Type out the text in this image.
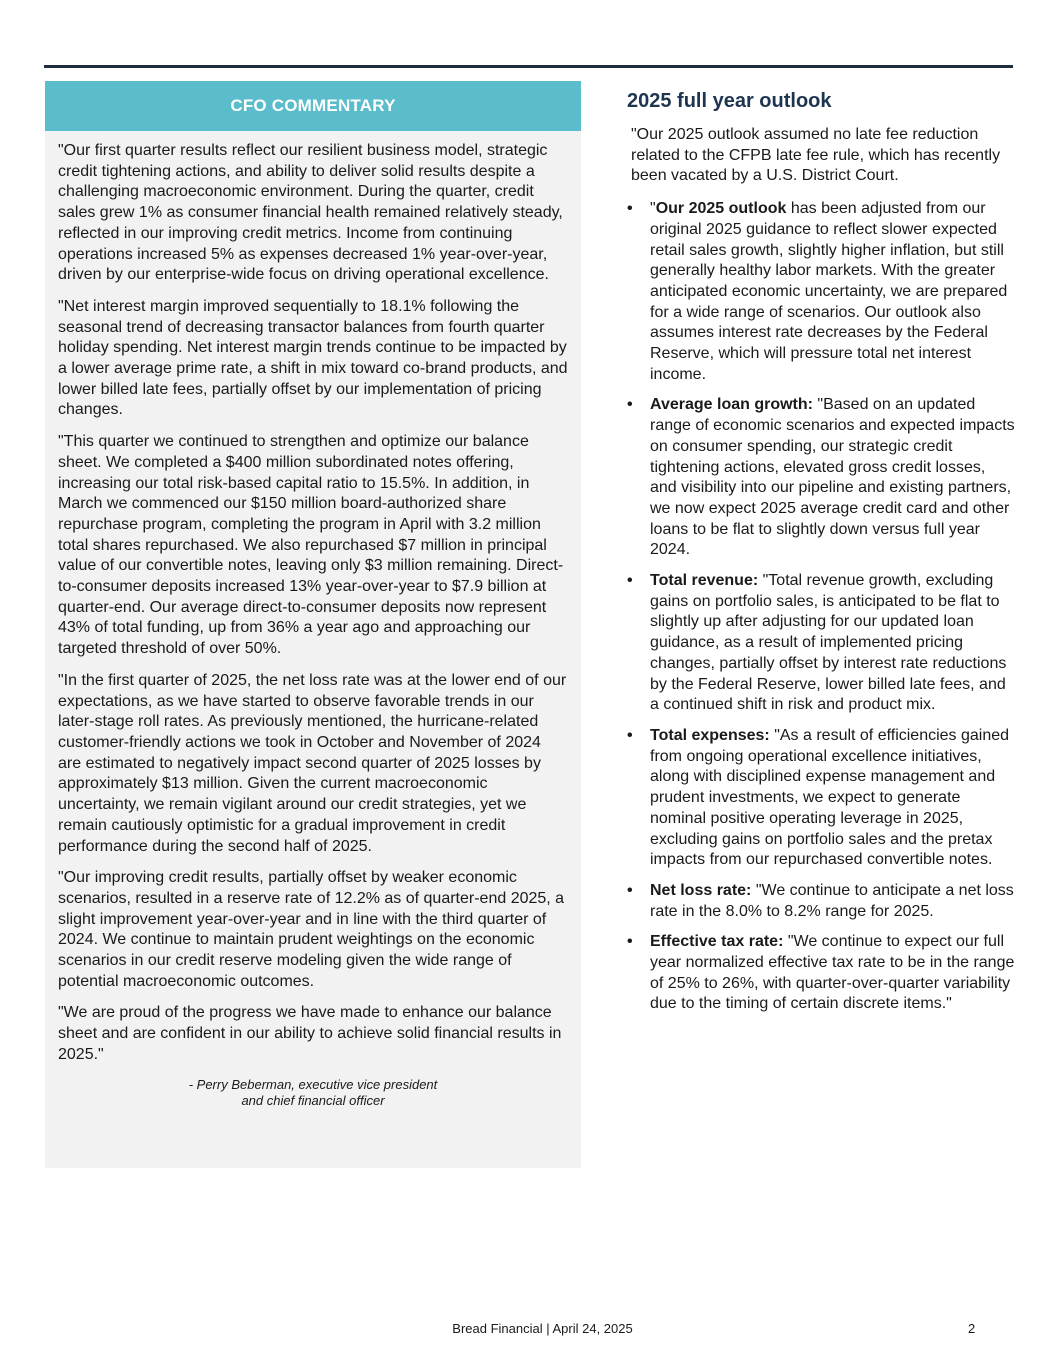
CFO COMMENTARY

"Our first quarter results reflect our resilient business model, strategic credit tightening actions, and ability to deliver solid results despite a challenging macroeconomic environment. During the quarter, credit sales grew 1% as consumer financial health remained relatively steady, reflected in our improving credit metrics. Income from continuing operations increased 5% as expenses decreased 1% year-over-year, driven by our enterprise-wide focus on driving operational excellence.

"Net interest margin improved sequentially to 18.1% following the seasonal trend of decreasing transactor balances from fourth quarter holiday spending. Net interest margin trends continue to be impacted by a lower average prime rate, a shift in mix toward co-brand products, and lower billed late fees, partially offset by our implementation of pricing changes.

"This quarter we continued to strengthen and optimize our balance sheet. We completed a $400 million subordinated notes offering, increasing our total risk-based capital ratio to 15.5%. In addition, in March we commenced our $150 million board-authorized share repurchase program, completing the program in April with 3.2 million total shares repurchased. We also repurchased $7 million in principal value of our convertible notes, leaving only $3 million remaining. Direct-to-consumer deposits increased 13% year-over-year to $7.9 billion at quarter-end. Our average direct-to-consumer deposits now represent 43% of total funding, up from 36% a year ago and approaching our targeted threshold of over 50%.

"In the first quarter of 2025, the net loss rate was at the lower end of our expectations, as we have started to observe favorable trends in our later-stage roll rates. As previously mentioned, the hurricane-related customer-friendly actions we took in October and November of 2024 are estimated to negatively impact second quarter of 2025 losses by approximately $13 million. Given the current macroeconomic uncertainty, we remain vigilant around our credit strategies, yet we remain cautiously optimistic for a gradual improvement in credit performance during the second half of 2025.

"Our improving credit results, partially offset by weaker economic scenarios, resulted in a reserve rate of 12.2% as of quarter-end 2025, a slight improvement year-over-year and in line with the third quarter of 2024. We continue to maintain prudent weightings on the economic scenarios in our credit reserve modeling given the wide range of potential macroeconomic outcomes.

"We are proud of the progress we have made to enhance our balance sheet and are confident in our ability to achieve solid financial results in 2025."

- Perry Beberman, executive vice president
and chief financial officer
2025 full year outlook

"Our 2025 outlook assumed no late fee reduction related to the CFPB late fee rule, which has recently been vacated by a U.S. District Court.

• "Our 2025 outlook has been adjusted from our original 2025 guidance to reflect slower expected retail sales growth, slightly higher inflation, but still generally healthy labor markets. With the greater anticipated economic uncertainty, we are prepared for a wide range of scenarios. Our outlook also assumes interest rate decreases by the Federal Reserve, which will pressure total net interest income.
• Average loan growth: "Based on an updated range of economic scenarios and expected impacts on consumer spending, our strategic credit tightening actions, elevated gross credit losses, and visibility into our pipeline and existing partners, we now expect 2025 average credit card and other loans to be flat to slightly down versus full year 2024.
• Total revenue: "Total revenue growth, excluding gains on portfolio sales, is anticipated to be flat to slightly up after adjusting for our updated loan guidance, as a result of implemented pricing changes, partially offset by interest rate reductions by the Federal Reserve, lower billed late fees, and a continued shift in risk and product mix.
• Total expenses: "As a result of efficiencies gained from ongoing operational excellence initiatives, along with disciplined expense management and prudent investments, we expect to generate nominal positive operating leverage in 2025, excluding gains on portfolio sales and the pretax impacts from our repurchased convertible notes.
• Net loss rate: "We continue to anticipate a net loss rate in the 8.0% to 8.2% range for 2025.
• Effective tax rate: "We continue to expect our full year normalized effective tax rate to be in the range of 25% to 26%, with quarter-over-quarter variability due to the timing of certain discrete items."
Bread Financial | April 24, 2025	2
